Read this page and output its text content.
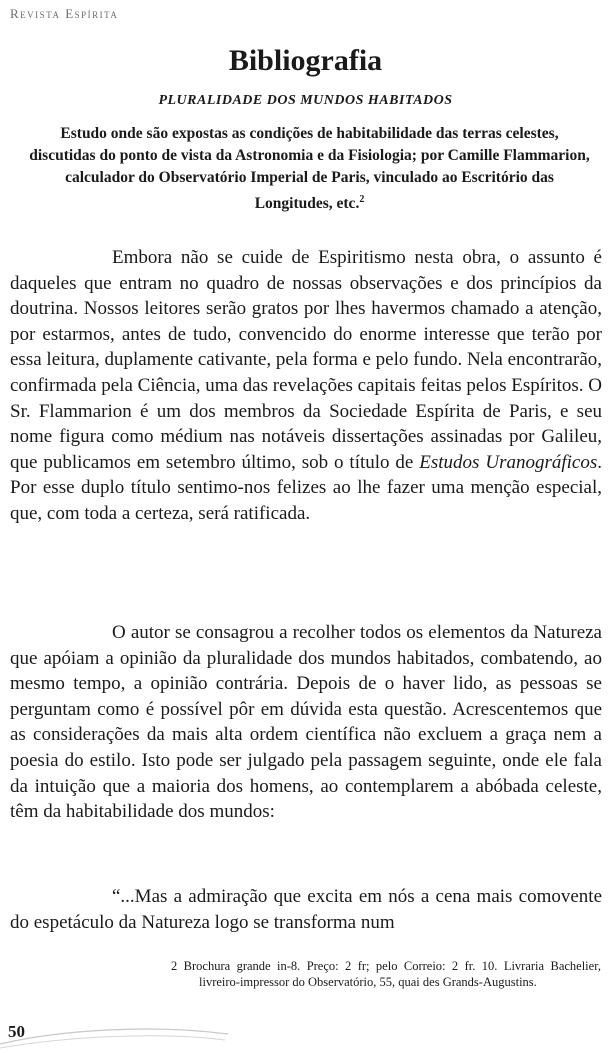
Revista Espírita
Bibliografia
PLURALIDADE DOS MUNDOS HABITADOS
Estudo onde são expostas as condições de habitabilidade das terras celestes, discutidas do ponto de vista da Astronomia e da Fisiologia; por Camille Flammarion, calculador do Observatório Imperial de Paris, vinculado ao Escritório das Longitudes, etc.$^2$

Embora não se cuide de Espiritismo nesta obra, o assunto é daqueles que entram no quadro de nossas observações e dos princípios da doutrina. Nossos leitores serão gratos por lhes havermos chamado a atenção, por estarmos, antes de tudo, convencido do enorme interesse que terão por essa leitura, duplamente cativante, pela forma e pelo fundo. Nela encontrarão, confirmada pela Ciência, uma das revelações capitais feitas pelos Espíritos. O Sr. Flammarion é um dos membros da Sociedade Espírita de Paris, e seu nome figura como médium nas notáveis dissertações assinadas por Galileu, que publicamos em setembro último, sob o título de Estudos Uranográficos. Por esse duplo título sentimo-nos felizes ao lhe fazer uma menção especial, que, com toda a certeza, será ratificada.

O autor se consagrou a recolher todos os elementos da Natureza que apóiam a opinião da pluralidade dos mundos habitados, combatendo, ao mesmo tempo, a opinião contrária. Depois de o haver lido, as pessoas se perguntam como é possível pôr em dúvida esta questão. Acrescentemos que as considerações da mais alta ordem científica não excluem a graça nem a poesia do estilo. Isto pode ser julgado pela passagem seguinte, onde ele fala da intuição que a maioria dos homens, ao contemplarem a abóbada celeste, têm da habitabilidade dos mundos:

“...Mas a admiração que excita em nós a cena mais comovente do espetáculo da Natureza logo se transforma num

2 Brochura grande in-8. Preço: 2 fr; pelo Correio: 2 fr. 10. Livraria Bachelier, livreiro-impressor do Observatório, 55, quai des Grands-Augustins.
50
